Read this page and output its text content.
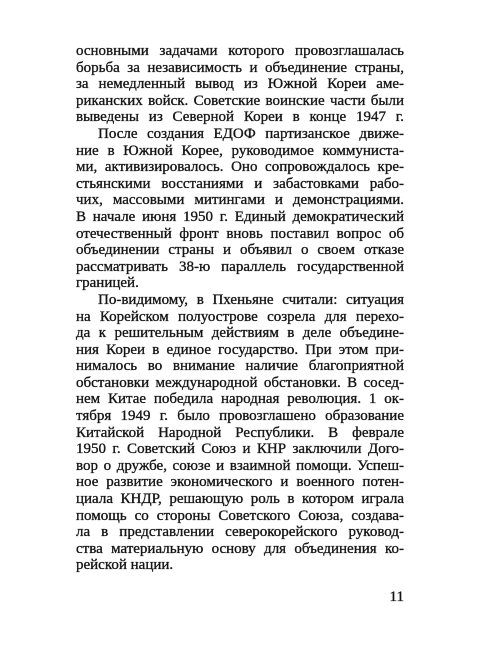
основными задачами которого провозглашалась
борьба за независимость и объединение страны,
за немедленный вывод из Южной Кореи аме-
риканских войск. Советские воинские части были
выведены из Северной Кореи в конце 1947 г.
После создания ЕДОФ партизанское движе-
ние в Южной Корее, руководимое коммуниста-
ми, активизировалось. Оно сопровождалось кре-
стьянскими восстаниями и забастовками рабо-
чих, массовыми митингами и демонстрациями.
В начале июня 1950 г. Единый демократический
отечественный фронт вновь поставил вопрос об
объединении страны и объявил о своем отказе
рассматривать 38-ю параллель государственной
границей.
По-видимому, в Пхеньяне считали: ситуация
на Корейском полуострове созрела для перехо-
да к решительным действиям в деле объедине-
ния Кореи в единое государство. При этом при-
нималось во внимание наличие благоприятной
обстановки международной обстановки. В сосед-
нем Китае победила народная революция. 1 ок-
тября 1949 г. было провозглашено образование
Китайской Народной Республики. В феврале
1950 г. Советский Союз и КНР заключили Дого-
вор о дружбе, союзе и взаимной помощи. Успеш-
ное развитие экономического и военного потен-
циала КНДР, решающую роль в котором играла
помощь со стороны Советского Союза, создава-
ла в представлении северокорейского руковод-
ства материальную основу для объединения ко-
рейской нации.
11
